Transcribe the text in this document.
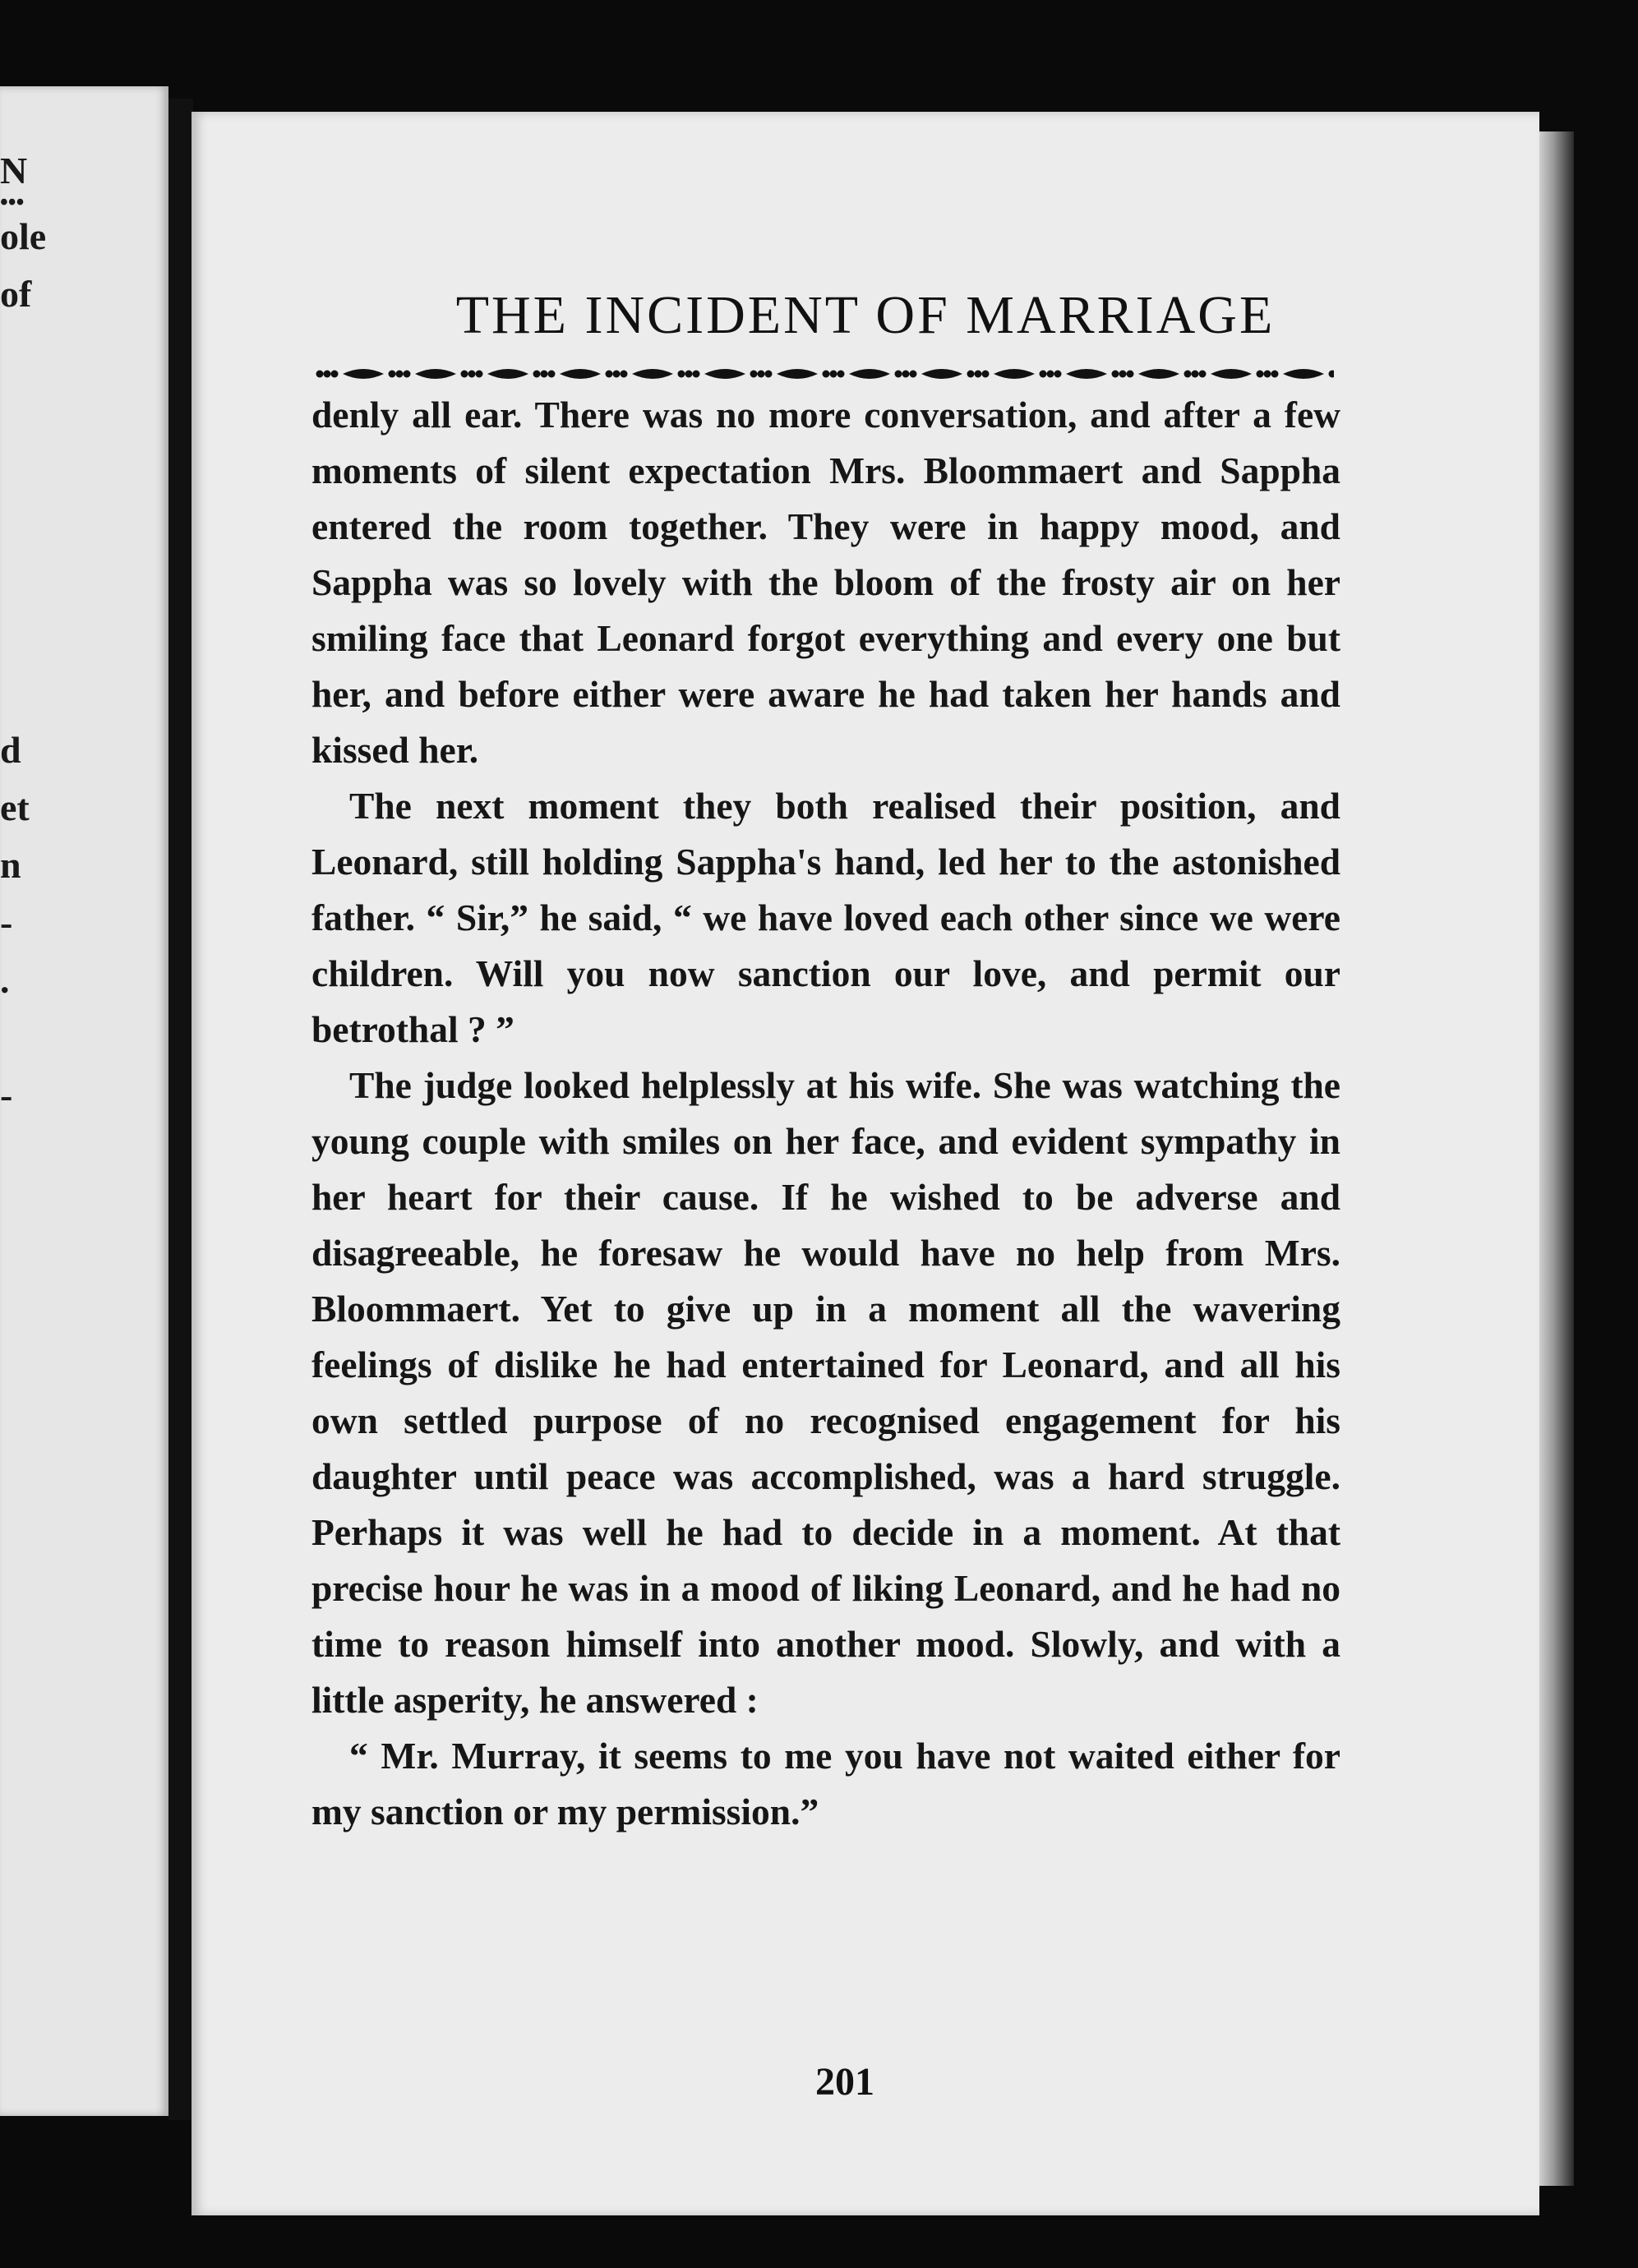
N
•••
ole
of
d
et
n
-
.
-
THE INCIDENT OF MARRIAGE

denly all ear. There was no more conversation, and after a few moments of silent expectation Mrs. Bloommaert and Sappha entered the room together. They were in happy mood, and Sappha was so lovely with the bloom of the frosty air on her smiling face that Leonard forgot everything and every one but her, and before either were aware he had taken her hands and kissed her.

The next moment they both realised their position, and Leonard, still holding Sappha's hand, led her to the astonished father. “ Sir,” he said, “ we have loved each other since we were children. Will you now sanction our love, and permit our betrothal ? ”

The judge looked helplessly at his wife. She was watching the young couple with smiles on her face, and evident sympathy in her heart for their cause. If he wished to be adverse and disagreeable, he foresaw he would have no help from Mrs. Bloommaert. Yet to give up in a moment all the wavering feelings of dislike he had entertained for Leonard, and all his own settled purpose of no recognised engagement for his daughter until peace was accomplished, was a hard struggle. Perhaps it was well he had to decide in a moment. At that precise hour he was in a mood of liking Leonard, and he had no time to reason himself into another mood. Slowly, and with a little asperity, he answered :

“ Mr. Murray, it seems to me you have not waited either for my sanction or my permission.”

201
